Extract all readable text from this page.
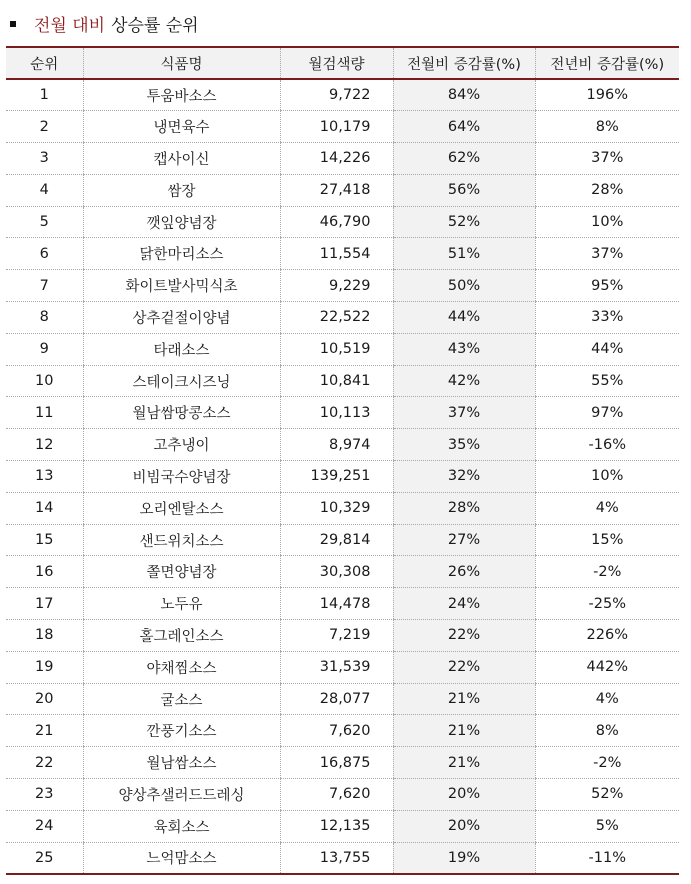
전월 대비 상승률 순위
순위	식품명	월검색량	전월비 증감률(%)	전년비 증감률(%)
1	투움바소스	9,722	84%	196%
2	냉면육수	10,179	64%	8%
3	캡사이신	14,226	62%	37%
4	쌈장	27,418	56%	28%
5	깻잎양념장	46,790	52%	10%
6	닭한마리소스	11,554	51%	37%
7	화이트발사믹식초	9,229	50%	95%
8	상추겉절이양념	22,522	44%	33%
9	타래소스	10,519	43%	44%
10	스테이크시즈닝	10,841	42%	55%
11	월남쌈땅콩소스	10,113	37%	97%
12	고추냉이	8,974	35%	-16%
13	비빔국수양념장	139,251	32%	10%
14	오리엔탈소스	10,329	28%	4%
15	샌드위치소스	29,814	27%	15%
16	쫄면양념장	30,308	26%	-2%
17	노두유	14,478	24%	-25%
18	홀그레인소스	7,219	22%	226%
19	야채찜소스	31,539	22%	442%
20	굴소스	28,077	21%	4%
21	깐풍기소스	7,620	21%	8%
22	월남쌈소스	16,875	21%	-2%
23	양상추샐러드드레싱	7,620	20%	52%
24	육회소스	12,135	20%	5%
25	느억맘소스	13,755	19%	-11%
